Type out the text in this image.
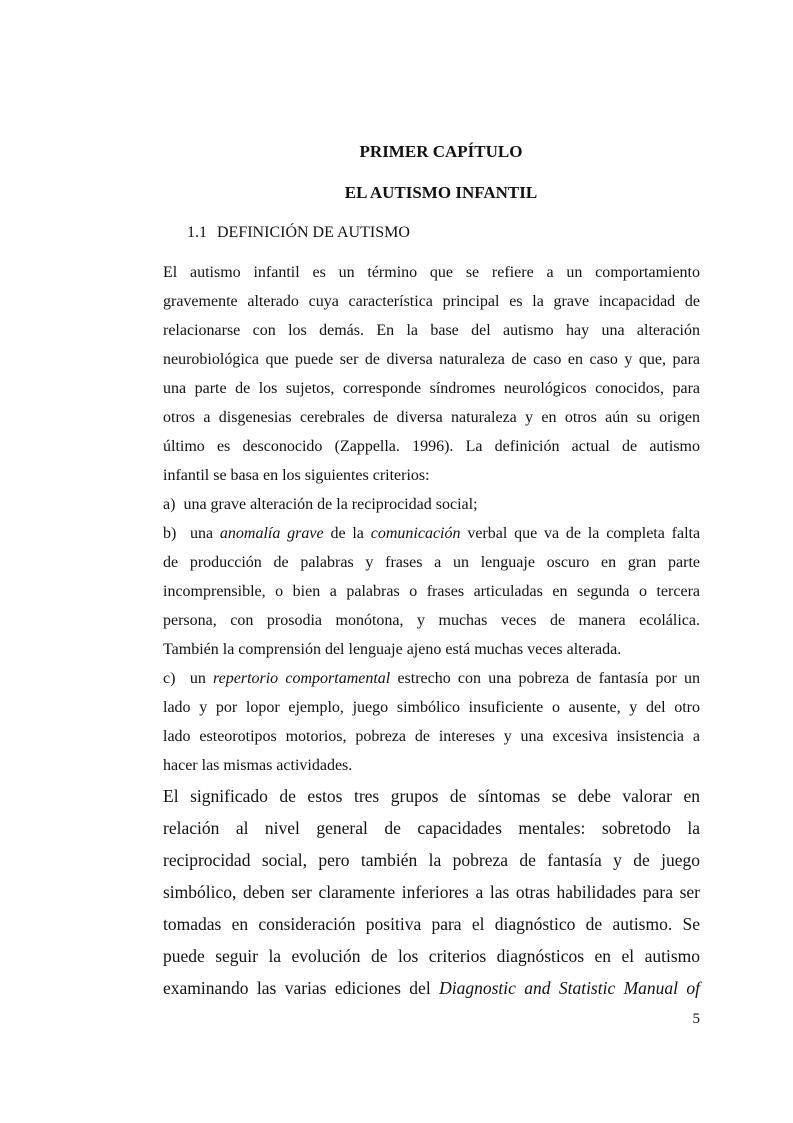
PRIMER CAPÍTULO
EL AUTISMO INFANTIL
1.1 DEFINICIÓN DE AUTISMO
El autismo infantil es un término que se refiere a un comportamiento
gravemente alterado cuya característica principal es la grave incapacidad de
relacionarse con los demás. En la base del autismo hay una alteración
neurobiológica que puede ser de diversa naturaleza de caso en caso y que, para
una parte de los sujetos, corresponde síndromes neurológicos conocidos, para
otros a disgenesias cerebrales de diversa naturaleza y en otros aún su origen
último es desconocido (Zappella. 1996). La definición actual de autismo
infantil se basa en los siguientes criterios:
a) una grave alteración de la reciprocidad social;
b) una anomalía grave de la comunicación verbal que va de la completa falta
de producción de palabras y frases a un lenguaje oscuro en gran parte
incomprensible, o bien a palabras o frases articuladas en segunda o tercera
persona, con prosodia monótona, y muchas veces de manera ecolálica.
También la comprensión del lenguaje ajeno está muchas veces alterada.
c) un repertorio comportamental estrecho con una pobreza de fantasía por un
lado y por lopor ejemplo, juego simbólico insuficiente o ausente, y del otro
lado esteorotipos motorios, pobreza de intereses y una excesiva insistencia a
hacer las mismas actividades.
El significado de estos tres grupos de síntomas se debe valorar en
relación al nivel general de capacidades mentales: sobretodo la
reciprocidad social, pero también la pobreza de fantasía y de juego
simbólico, deben ser claramente inferiores a las otras habilidades para ser
tomadas en consideración positiva para el diagnóstico de autismo. Se
puede seguir la evolución de los criterios diagnósticos en el autismo
examinando las varias ediciones del Diagnostic and Statistic Manual of
5
